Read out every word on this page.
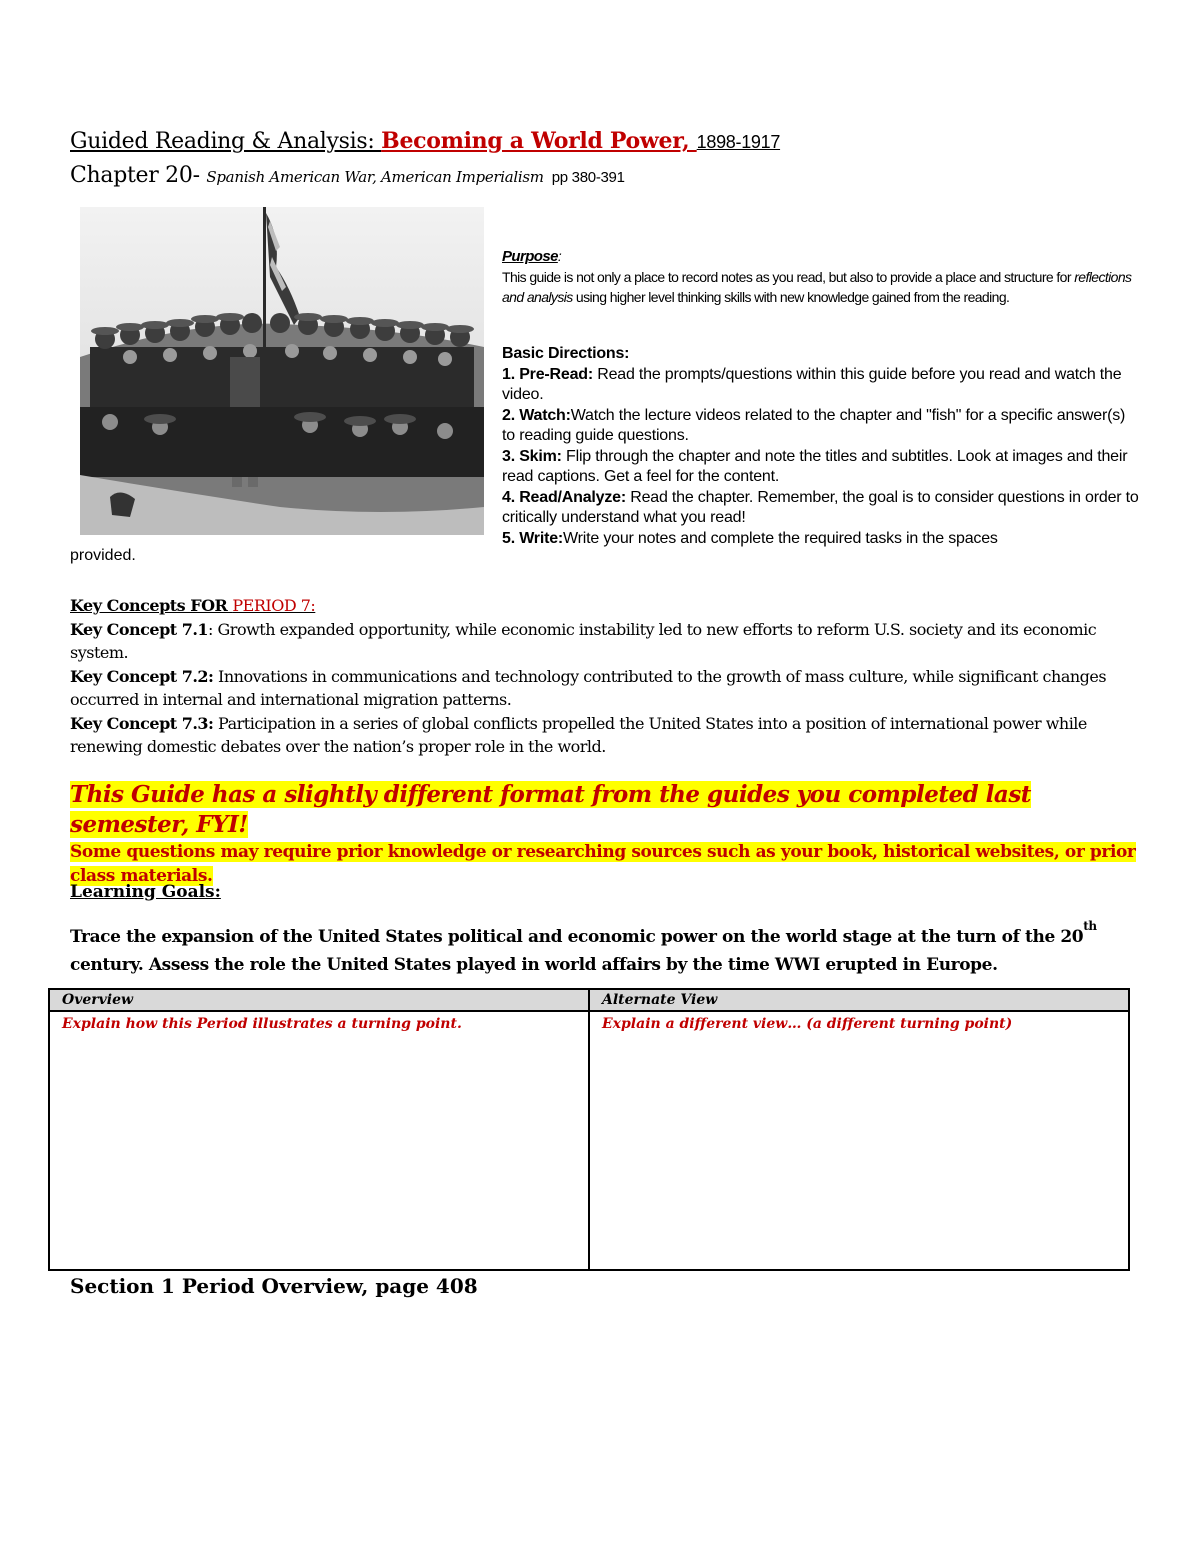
Guided Reading & Analysis: Becoming a World Power, 1898-1917
Chapter 20- Spanish American War, American Imperialism pp 380-391
Purpose:
This guide is not only a place to record notes as you read, but also to provide a place and structure for reflections and analysis using higher level thinking skills with new knowledge gained from the reading.
Basic Directions:
1. Pre-Read: Read the prompts/questions within this guide before you read and watch the video.
2. Watch:Watch the lecture videos related to the chapter and "fish" for a specific answer(s) to reading guide questions.
3. Skim: Flip through the chapter and note the titles and subtitles. Look at images and their read captions. Get a feel for the content.
4. Read/Analyze: Read the chapter. Remember, the goal is to consider questions in order to critically understand what you read!
5. Write:Write your notes and complete the required tasks in the spaces
provided.
Key Concepts FOR PERIOD 7:
Key Concept 7.1: Growth expanded opportunity, while economic instability led to new efforts to reform U.S. society and its economic system.
Key Concept 7.2: Innovations in communications and technology contributed to the growth of mass culture, while significant changes occurred in internal and international migration patterns.
Key Concept 7.3: Participation in a series of global conflicts propelled the United States into a position of international power while renewing domestic debates over the nation’s proper role in the world.
This Guide has a slightly different format from the guides you completed last semester, FYI!
Some questions may require prior knowledge or researching sources such as your book, historical websites, or prior class materials.
Learning Goals:
Trace the expansion of the United States political and economic power on the world stage at the turn of the 20th century. Assess the role the United States played in world affairs by the time WWI erupted in Europe.
Overview	Alternate View
Explain how this Period illustrates a turning point.	Explain a different view… (a different turning point)
Section 1 Period Overview, page 408
